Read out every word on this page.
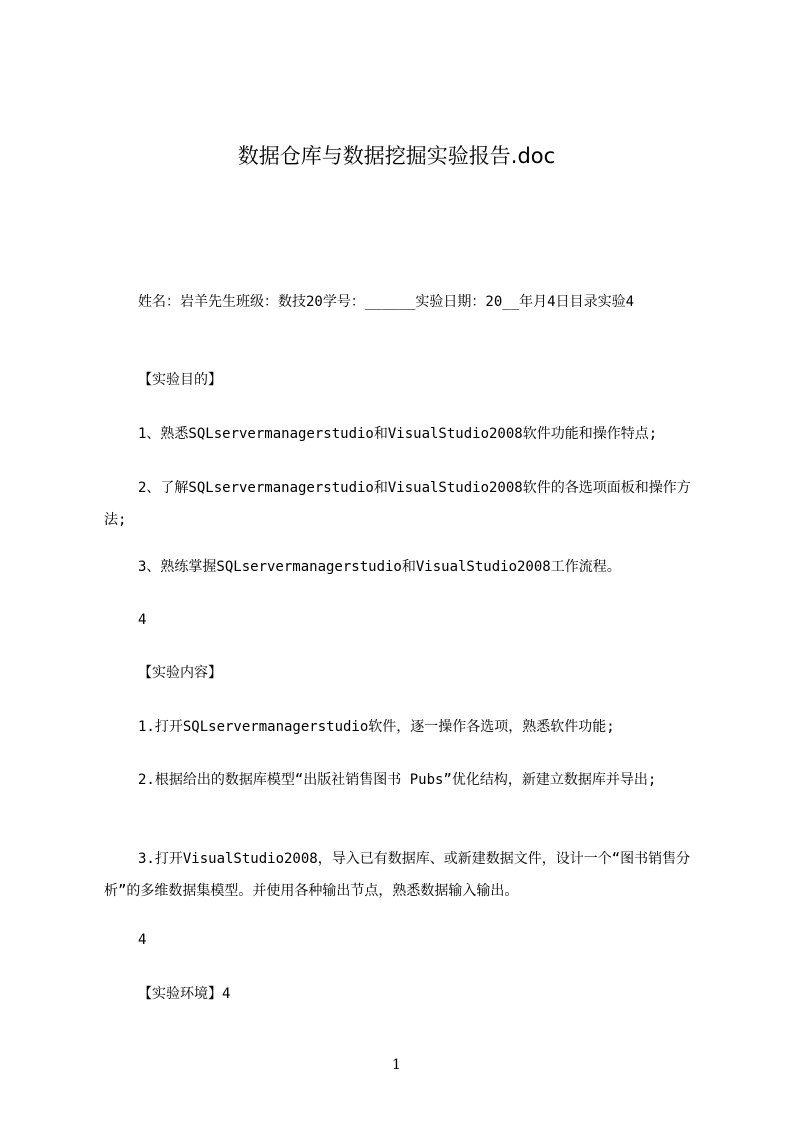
数据仓库与数据挖掘实验报告.doc
姓名：岩羊先生班级：数技20学号：______实验日期：20__年月4日目录实验4
【实验目的】
1、熟悉SQLservermanagerstudio和VisualStudio2008软件功能和操作特点;
2、了解SQLservermanagerstudio和VisualStudio2008软件的各选项面板和操作方法;
3、熟练掌握SQLservermanagerstudio和VisualStudio2008工作流程。
4
【实验内容】
1.打开SQLservermanagerstudio软件，逐一操作各选项，熟悉软件功能;
2.根据给出的数据库模型“出版社销售图书 Pubs”优化结构，新建立数据库并导出;
3.打开VisualStudio2008，导入已有数据库、或新建数据文件，设计一个“图书销售分析”的多维数据集模型。并使用各种输出节点，熟悉数据输入输出。
4
【实验环境】4
1
